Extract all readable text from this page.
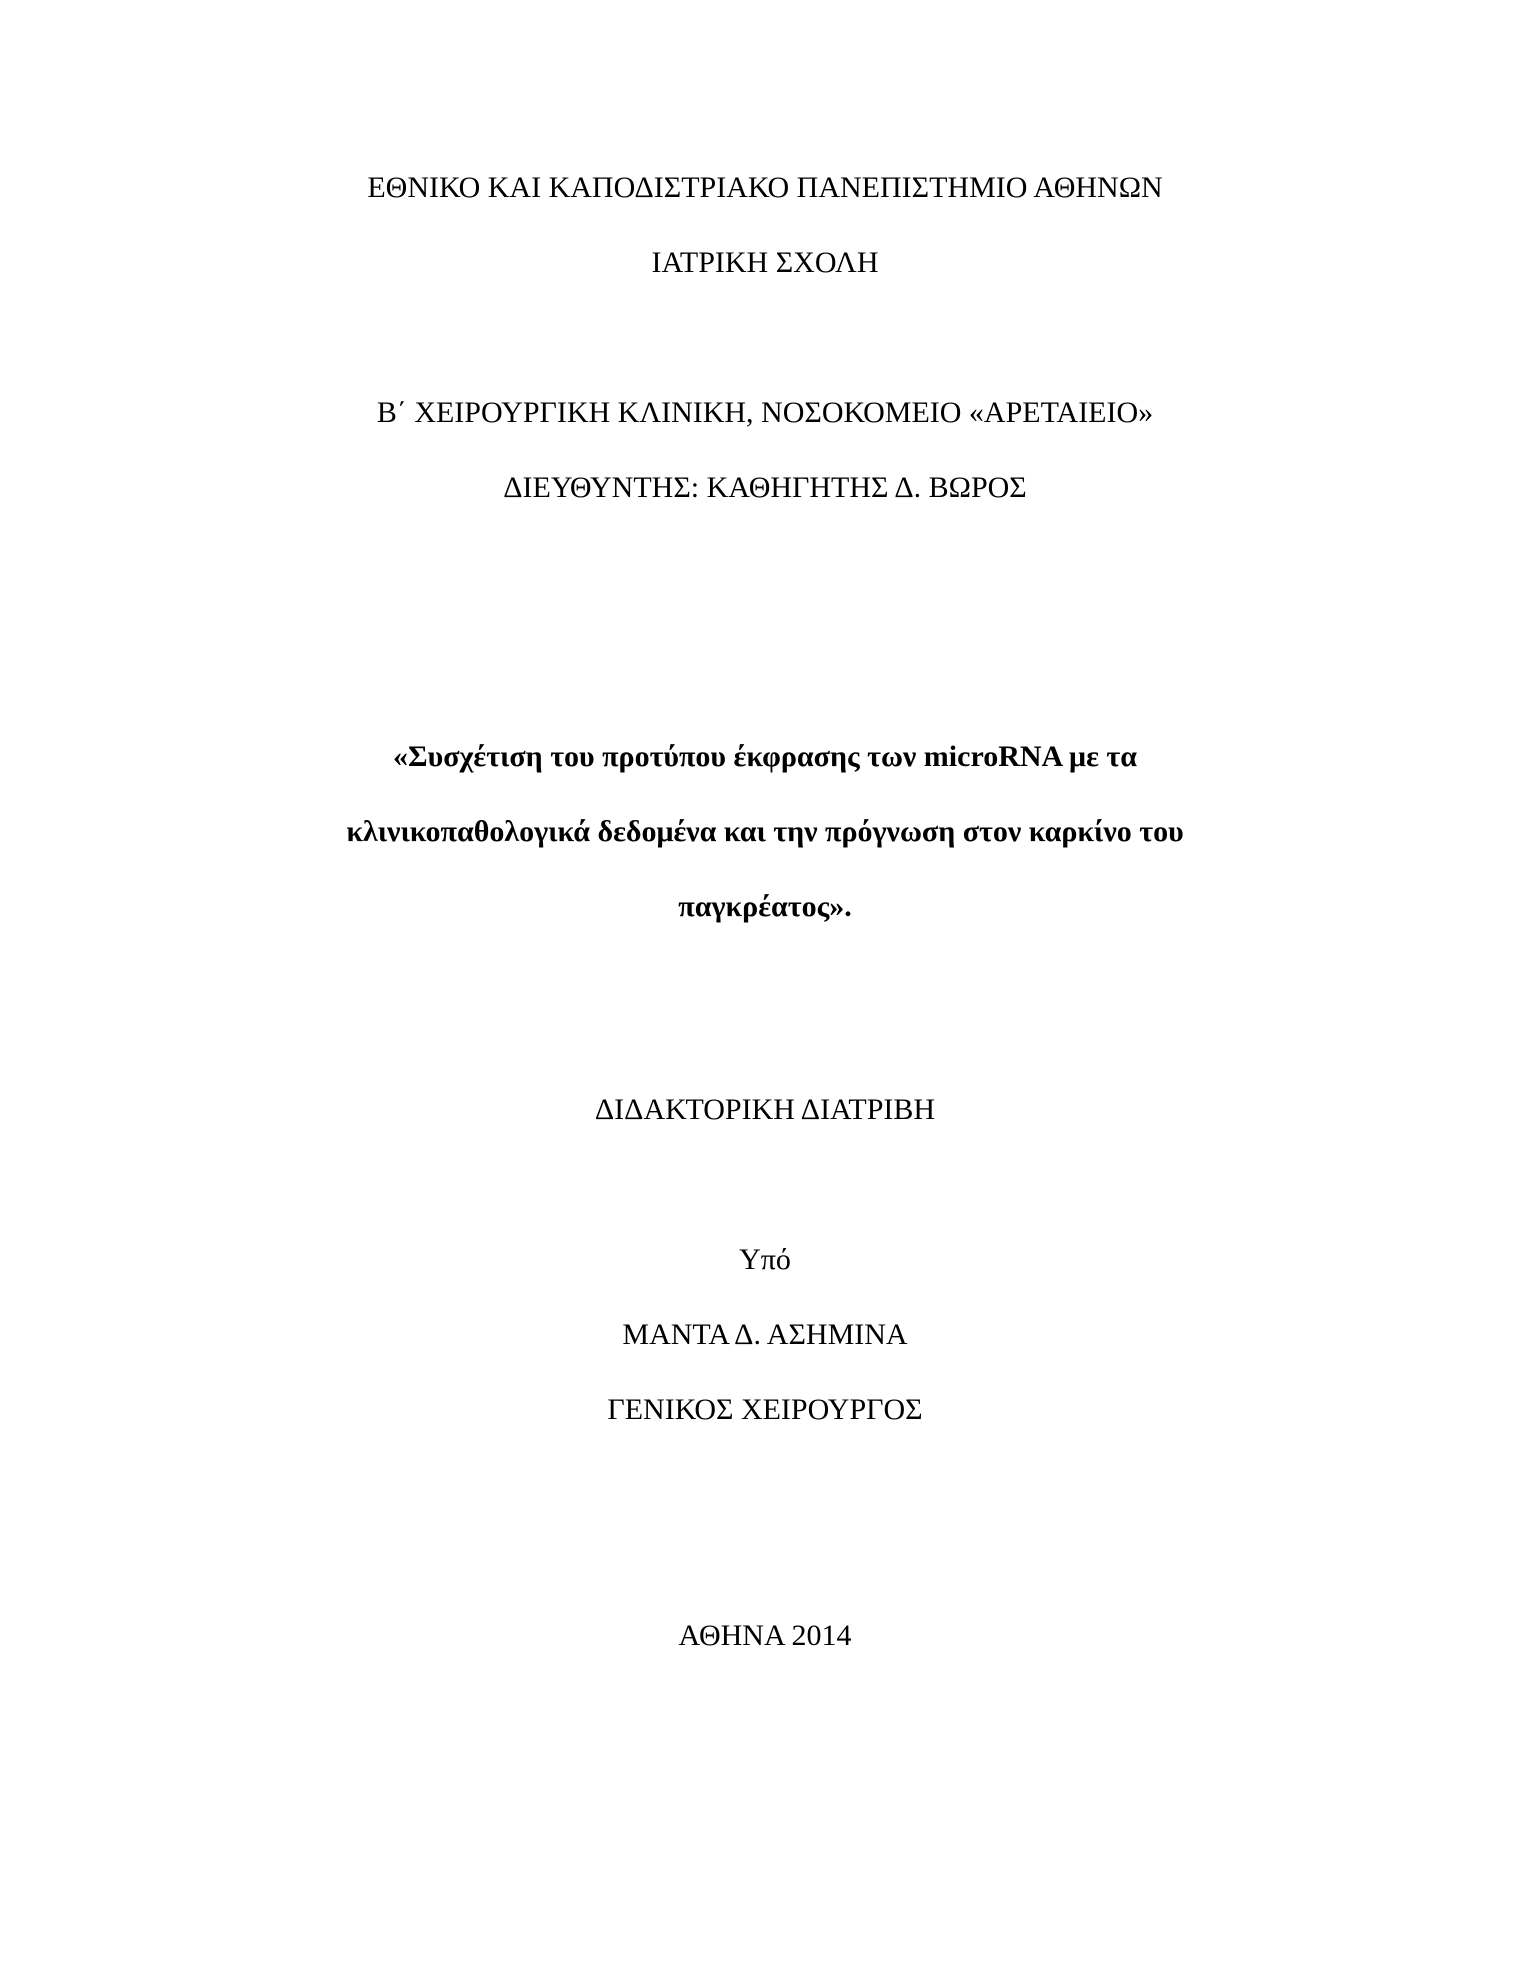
ΕΘΝΙΚΟ ΚΑΙ ΚΑΠΟΔΙΣΤΡΙΑΚΟ ΠΑΝΕΠΙΣΤΗΜΙΟ ΑΘΗΝΩΝ
ΙΑΤΡΙΚΗ ΣΧΟΛΗ
Β΄ ΧΕΙΡΟΥΡΓΙΚΗ ΚΛΙΝΙΚΗ, ΝΟΣΟΚΟΜΕΙΟ «ΑΡΕΤΑΙΕΙΟ»
ΔΙΕΥΘΥΝΤΗΣ: ΚΑΘΗΓΗΤΗΣ Δ. ΒΩΡΟΣ
«Συσχέτιση του προτύπου έκφρασης των microRNA με τα
κλινικοπαθολογικά δεδομένα και την πρόγνωση στον καρκίνο του
παγκρέατος».
ΔΙΔΑΚΤΟΡΙΚΗ ΔΙΑΤΡΙΒΗ
Υπό
ΜΑΝΤΑ Δ. ΑΣΗΜΙΝΑ
ΓΕΝΙΚΟΣ ΧΕΙΡΟΥΡΓΟΣ
ΑΘΗΝΑ 2014
